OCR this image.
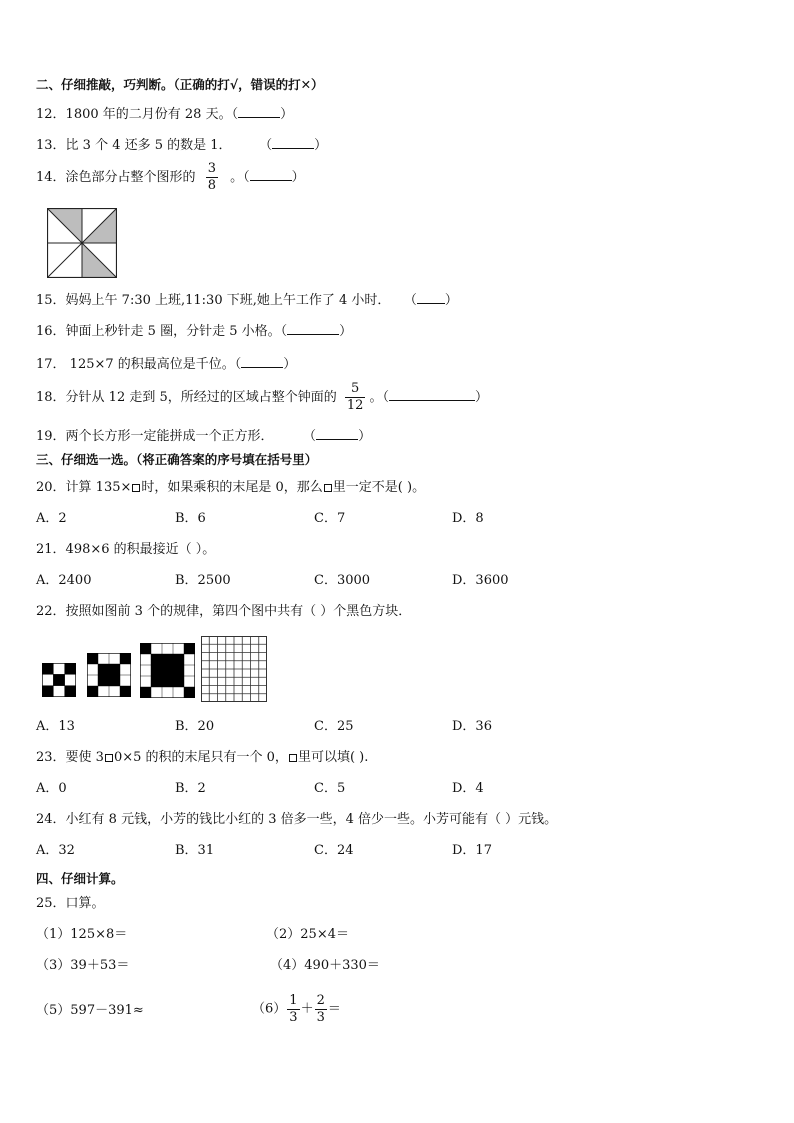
二、仔细推敲，巧判断。（正确的打√，错误的打✕）
12．1800 年的二月份有 28 天。（	）
13．比 3 个 4 还多 5 的数是 1．	（	）
14．涂色部分占整个图形的 $\frac{3}{8}$ 。（	）
15．妈妈上午 7:30 上班,11:30 下班,她上午工作了 4 小时． （ ）
16．钟面上秒针走 5 圈，分针走 5 小格。（	）
17． 125×7 的积最高位是千位。（	）
18．分针从 12 走到 5，所经过的区域占整个钟面的 $\frac{5}{12}$ 。（	）
19．两个长方形一定能拼成一个正方形．	（	）
三、仔细选一选。（将正确答案的序号填在括号里）
20．计算 135× 时，如果乘积的末尾是 0，那么 里一定不是( )。
A．2	B．6	C．7	D．8
21．498×6 的积最接近（ ）。
A．2400	B．2500	C．3000	D．3600
22．按照如图前 3 个的规律，第四个图中共有（ ）个黑色方块．
A．13	B．20	C．25	D．36
23．要使 3 0×5 的积的末尾只有一个 0， 里可以填( ).
A．0	B．2	C．5	D．4
24．小红有 8 元钱，小芳的钱比小红的 3 倍多一些，4 倍少一些。小芳可能有（ ）元钱。
A．32	B．31	C．24	D．17
四、仔细计算。
25．口算。
（1）125×8＝	（2）25×4＝
（3）39＋53＝	（4）490＋330＝
（5）597－391≈	$(6) \frac{1}{3} + \frac{2}{3}$ ＝
